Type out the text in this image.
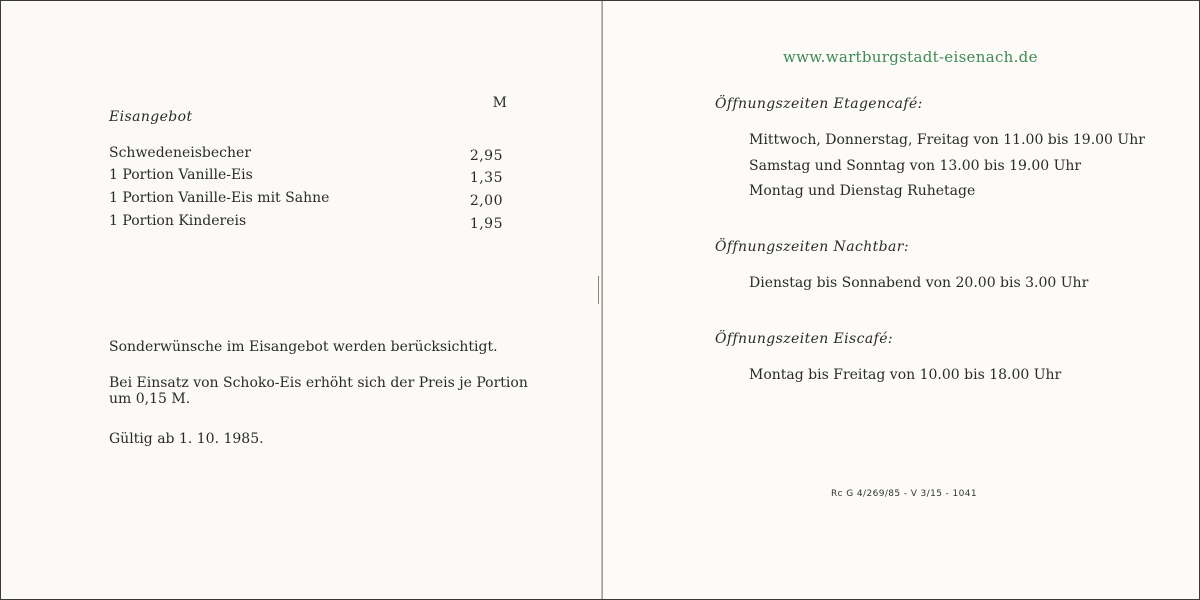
M
Eisangebot
Schwedeneisbecher	2,95
1 Portion Vanille-Eis	1,35
1 Portion Vanille-Eis mit Sahne	2,00
1 Portion Kindereis	1,95
Sonderwünsche im Eisangebot werden berücksichtigt.
Bei Einsatz von Schoko-Eis erhöht sich der Preis je Portion
um 0,15 M.
Gültig ab 1. 10. 1985.
www.wartburgstadt-eisenach.de
Öffnungszeiten Etagencafé:
Mittwoch, Donnerstag, Freitag von 11.00 bis 19.00 Uhr
Samstag und Sonntag von 13.00 bis 19.00 Uhr
Montag und Dienstag Ruhetage
Öffnungszeiten Nachtbar:
Dienstag bis Sonnabend von 20.00 bis 3.00 Uhr
Öffnungszeiten Eiscafé:
Montag bis Freitag von 10.00 bis 18.00 Uhr
Rc G 4/269/85 - V 3/15 - 1041
